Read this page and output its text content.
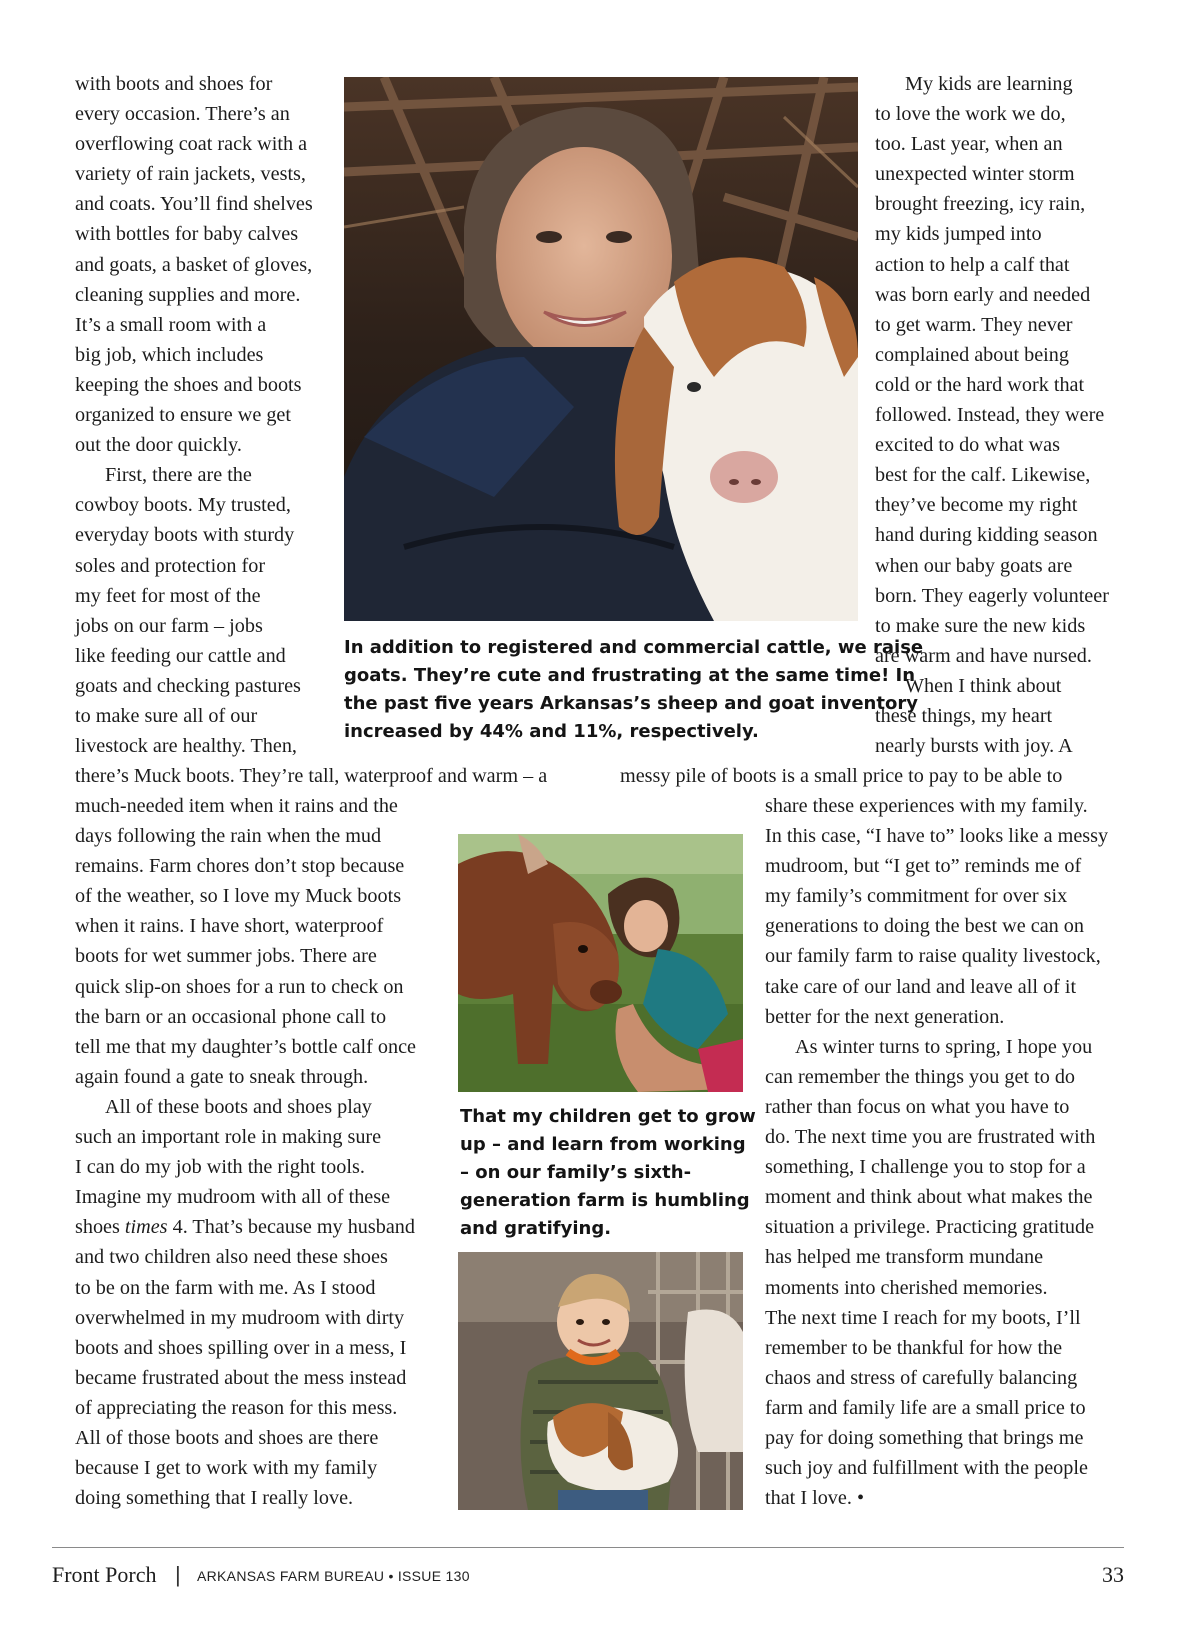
with boots and shoes for
every occasion. There’s an
overflowing coat rack with a
variety of rain jackets, vests,
and coats. You’ll find shelves
with bottles for baby calves
and goats, a basket of gloves,
cleaning supplies and more.
It’s a small room with a
big job, which includes
keeping the shoes and boots
organized to ensure we get
out the door quickly.
First, there are the
cowboy boots. My trusted,
everyday boots with sturdy
soles and protection for
my feet for most of the
jobs on our farm – jobs
like feeding our cattle and
goats and checking pastures
to make sure all of our
livestock are healthy. Then,
In addition to registered and commercial cattle, we raise
goats. They’re cute and frustrating at the same time! In
the past five years Arkansas’s sheep and goat inventory
increased by 44% and 11%, respectively.
My kids are learning
to love the work we do,
too. Last year, when an
unexpected winter storm
brought freezing, icy rain,
my kids jumped into
action to help a calf that
was born early and needed
to get warm. They never
complained about being
cold or the hard work that
followed. Instead, they were
excited to do what was
best for the calf. Likewise,
they’ve become my right
hand during kidding season
when our baby goats are
born. They eagerly volunteer
to make sure the new kids
are warm and have nursed.
When I think about
these things, my heart
nearly bursts with joy. A
there’s Muck boots. They’re tall, waterproof and warm – a	messy pile of boots is a small price to pay to be able to
much-needed item when it rains and the
days following the rain when the mud
remains. Farm chores don’t stop because
of the weather, so I love my Muck boots
when it rains. I have short, waterproof
boots for wet summer jobs. There are
quick slip-on shoes for a run to check on
the barn or an occasional phone call to
tell me that my daughter’s bottle calf once
again found a gate to sneak through.
All of these boots and shoes play
such an important role in making sure
I can do my job with the right tools.
Imagine my mudroom with all of these
shoes times 4. That’s because my husband
and two children also need these shoes
to be on the farm with me. As I stood
overwhelmed in my mudroom with dirty
boots and shoes spilling over in a mess, I
became frustrated about the mess instead
of appreciating the reason for this mess.
All of those boots and shoes are there
because I get to work with my family
doing something that I really love.
That my children get to grow
up – and learn from working
– on our family’s sixth-
generation farm is humbling
and gratifying.
share these experiences with my family.
In this case, “I have to” looks like a messy
mudroom, but “I get to” reminds me of
my family’s commitment for over six
generations to doing the best we can on
our family farm to raise quality livestock,
take care of our land and leave all of it
better for the next generation.
As winter turns to spring, I hope you
can remember the things you get to do
rather than focus on what you have to
do. The next time you are frustrated with
something, I challenge you to stop for a
moment and think about what makes the
situation a privilege. Practicing gratitude
has helped me transform mundane
moments into cherished memories.
The next time I reach for my boots, I’ll
remember to be thankful for how the
chaos and stress of carefully balancing
farm and family life are a small price to
pay for doing something that brings me
such joy and fulfillment with the people
that I love. •
Front Porch | ARKANSAS FARM BUREAU • ISSUE 130	33
